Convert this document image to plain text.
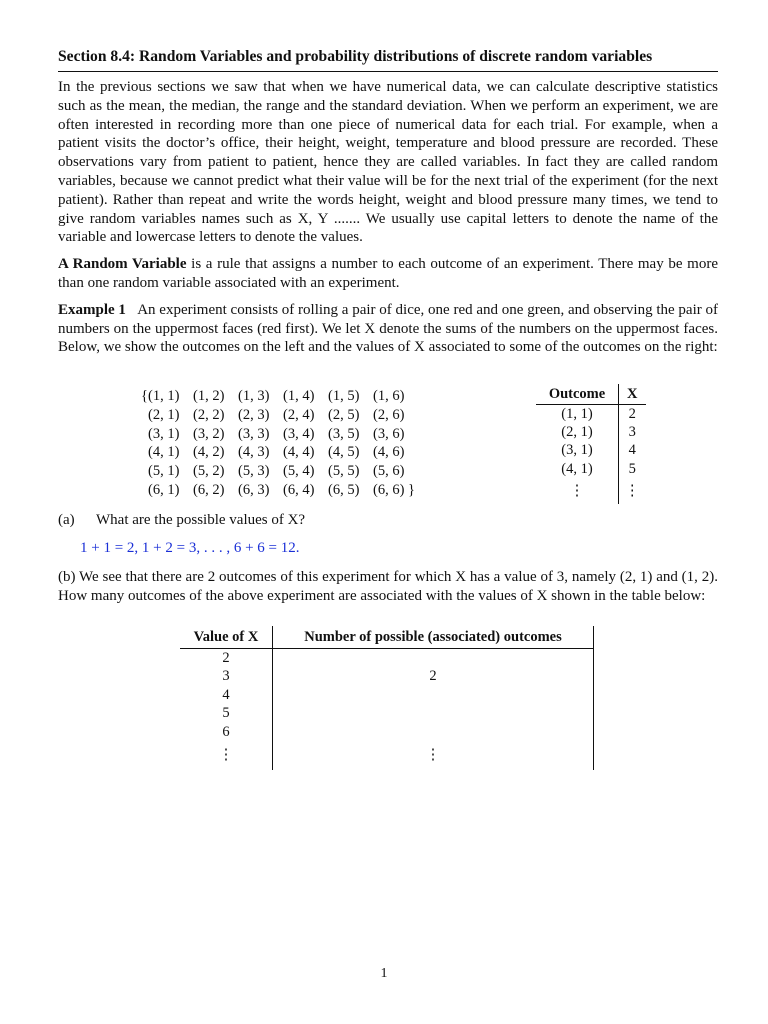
Section 8.4: Random Variables and probability distributions of discrete random variables

In the previous sections we saw that when we have numerical data, we can calculate descriptive statistics such as the mean, the median, the range and the standard deviation. When we perform an experiment, we are often interested in recording more than one piece of numerical data for each trial. For example, when a patient visits the doctor’s office, their height, weight, temperature and blood pressure are recorded. These observations vary from patient to patient, hence they are called variables. In fact they are called random variables, because we cannot predict what their value will be for the next trial of the experiment (for the next patient). Rather than repeat and write the words height, weight and blood pressure many times, we tend to give random variables names such as X, Y ....... We usually use capital letters to denote the name of the variable and lowercase letters to denote the values.

A Random Variable is a rule that assigns a number to each outcome of an experiment. There may be more than one random variable associated with an experiment.

Example 1 An experiment consists of rolling a pair of dice, one red and one green, and observing the pair of numbers on the uppermost faces (red first). We let X denote the sums of the numbers on the uppermost faces. Below, we show the outcomes on the left and the values of X associated to some of the outcomes on the right:

{(1, 1) (1, 2) (1, 3) (1, 4) (1, 5) (1, 6)
(2, 1) (2, 2) (2, 3) (2, 4) (2, 5) (2, 6)
(3, 1) (3, 2) (3, 3) (3, 4) (3, 5) (3, 6)
(4, 1) (4, 2) (4, 3) (4, 4) (4, 5) (4, 6)
(5, 1) (5, 2) (5, 3) (5, 4) (5, 5) (5, 6)
(6, 1) (6, 2) (6, 3) (6, 4) (6, 5) (6, 6) }
Outcome	X
(1, 1)	2
(2, 1)	3
(3, 1)	4
(4, 1)	5
⋮	⋮
(a) What are the possible values of X?
1 + 1 = 2, 1 + 2 = 3, . . . , 6 + 6 = 12.

(b) We see that there are 2 outcomes of this experiment for which X has a value of 3, namely (2, 1) and (1, 2). How many outcomes of the above experiment are associated with the values of X shown in the table below:

Value of X	Number of possible (associated) outcomes
2	
3	2
4	
5	
6	
⋮	⋮
1
